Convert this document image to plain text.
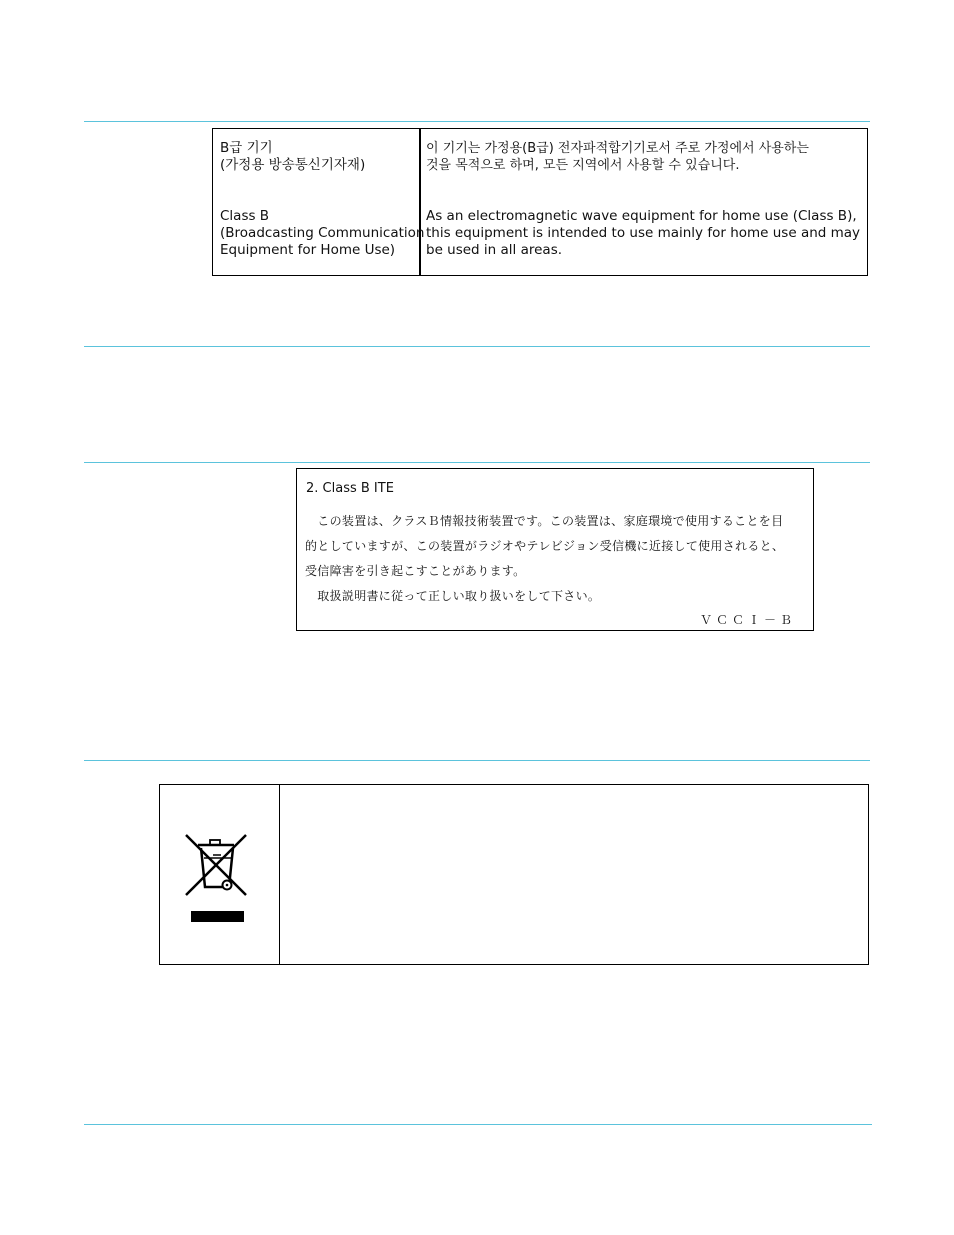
B급 기기
(가정용 방송통신기자재)
Class B
(Broadcasting Communication
Equipment for Home Use)
이 기기는 가정용(B급) 전자파적합기기로서 주로 가정에서 사용하는
것을 목적으로 하며, 모든 지역에서 사용할 수 있습니다.
As an electromagnetic wave equipment for home use (Class B),
this equipment is intended to use mainly for home use and may
be used in all areas.
2. Class B ITE
　この装置は、クラスＢ情報技術装置です。この装置は、家庭環境で使用することを目
的としていますが、この装置がラジオやテレビジョン受信機に近接して使用されると、
受信障害を引き起こすことがあります。
　取扱説明書に従って正しい取り扱いをして下さい。
ＶＣＣＩ－Ｂ
